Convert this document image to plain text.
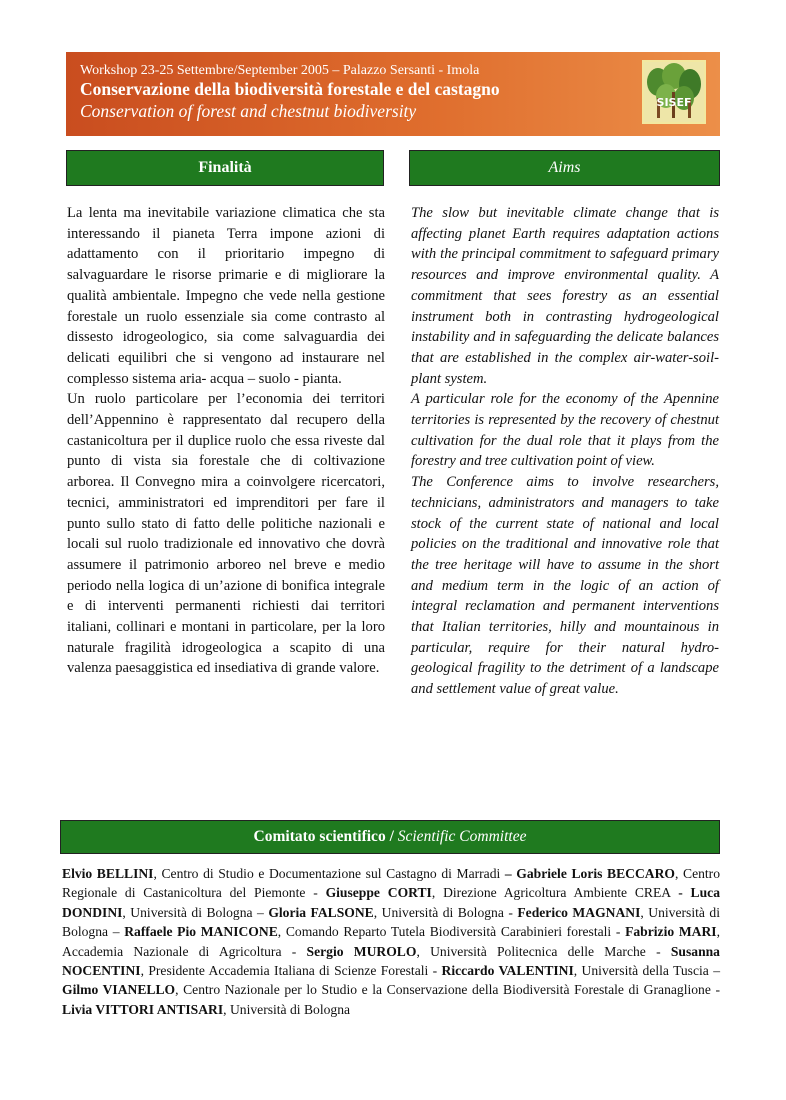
Workshop 23-25 Settembre/September 2005 – Palazzo Sersanti - Imola
Conservazione della biodiversità forestale e del castagno
Conservation of forest and chestnut biodiversity	SISEF
Finalità	Aims

La lenta ma inevitabile variazione climatica che sta interessando il pianeta Terra impone azioni di adattamento con il prioritario impegno di salvaguardare le risorse primarie e di migliorare la qualità ambientale. Impegno che vede nella gestione forestale un ruolo essenziale sia come contrasto al dissesto idrogeologico, sia come salvaguardia dei delicati equilibri che si vengono ad instaurare nel complesso sistema aria- acqua – suolo - pianta.

Un ruolo particolare per l’economia dei territori dell’Appennino è rappresentato dal recupero della castanicoltura per il duplice ruolo che essa riveste dal punto di vista sia forestale che di coltivazione arborea. Il Convegno mira a coinvolgere ricercatori, tecnici, amministratori ed imprenditori per fare il punto sullo stato di fatto delle politiche nazionali e locali sul ruolo tradizionale ed innovativo che dovrà assumere il patrimonio arboreo nel breve e medio periodo nella logica di un’azione di bonifica integrale e di interventi permanenti richiesti dai territori italiani, collinari e montani in particolare, per la loro naturale fragilità idrogeologica a scapito di una valenza paesaggistica ed insediativa di grande valore.

The slow but inevitable climate change that is affecting planet Earth requires adaptation actions with the principal commitment to safeguard primary resources and improve environmental quality. A commitment that sees forestry as an essential instrument both in contrasting hydrogeological instability and in safeguarding the delicate balances that are established in the complex air-water-soil-plant system.

A particular role for the economy of the Apennine territories is represented by the recovery of chestnut cultivation for the dual role that it plays from the forestry and tree cultivation point of view.

The Conference aims to involve researchers, technicians, administrators and managers to take stock of the current state of national and local policies on the traditional and innovative role that the tree heritage will have to assume in the short and medium term in the logic of an action of integral reclamation and permanent interventions that Italian territories, hilly and mountainous in particular, require for their natural hydro-geological fragility to the detriment of a landscape and settlement value of great value.

Comitato scientifico / Scientific Committee

Elvio BELLINI, Centro di Studio e Documentazione sul Castagno di Marradi – Gabriele Loris BECCARO, Centro Regionale di Castanicoltura del Piemonte - Giuseppe CORTI, Direzione Agricoltura Ambiente CREA - Luca DONDINI, Università di Bologna – Gloria FALSONE, Università di Bologna - Federico MAGNANI, Università di Bologna – Raffaele Pio MANICONE, Comando Reparto Tutela Biodiversità Carabinieri forestali - Fabrizio MARI, Accademia Nazionale di Agricoltura - Sergio MUROLO, Università Politecnica delle Marche - Susanna NOCENTINI, Presidente Accademia Italiana di Scienze Forestali - Riccardo VALENTINI, Università della Tuscia – Gilmo VIANELLO, Centro Nazionale per lo Studio e la Conservazione della Biodiversità Forestale di Granaglione - Livia VITTORI ANTISARI, Università di Bologna
